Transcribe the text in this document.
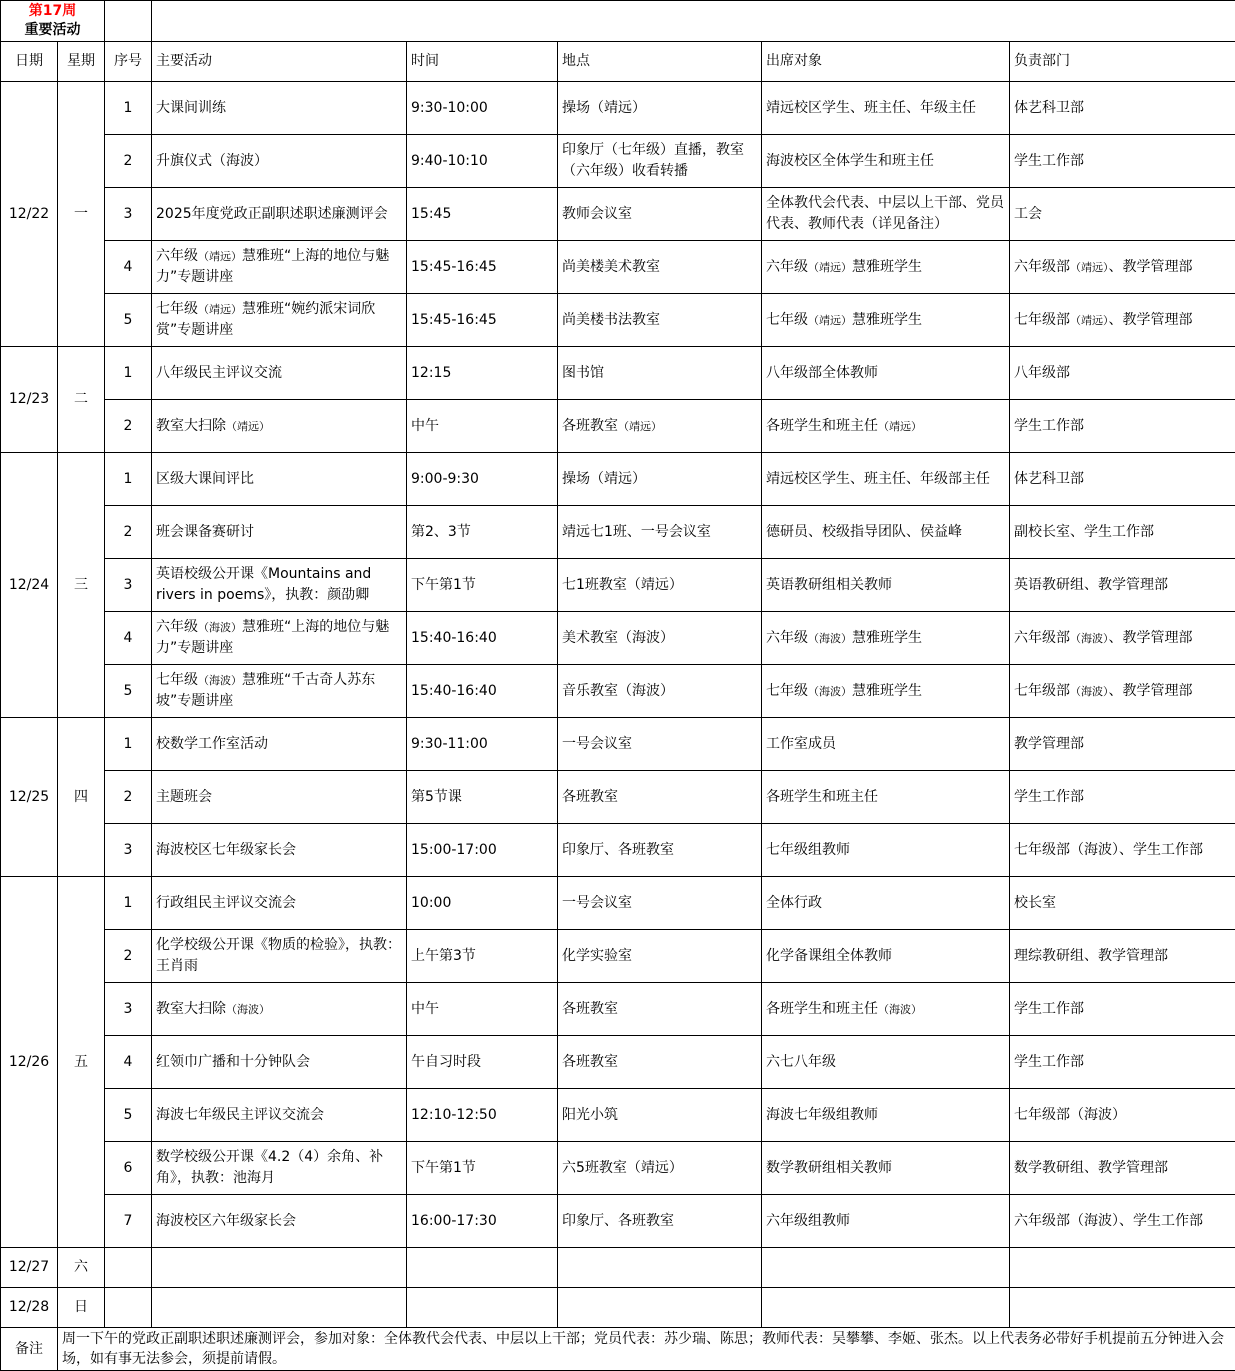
第17周
重要活动							

日期	星期	序号	主要活动	时间	地点	出席对象	负责部门
12/22	一	1	大课间训练	9:30-10:00	操场（靖远）	靖远校区学生、班主任、年级主任	体艺科卫部
		2	升旗仪式（海波）	9:40-10:10	印象厅（七年级）直播，教室（六年级）收看转播	海波校区全体学生和班主任	学生工作部
		3	2025年度党政正副职述职述廉测评会	15:45	教师会议室	全体教代会代表、中层以上干部、党员代表、教师代表（详见备注）	工会
		4	六年级（靖远）慧雅班“上海的地位与魅力”专题讲座	15:45-16:45	尚美楼美术教室	六年级（靖远）慧雅班学生	六年级部（靖远）、教学管理部
		5	七年级（靖远）慧雅班“婉约派宋词欣赏”专题讲座	15:45-16:45	尚美楼书法教室	七年级（靖远）慧雅班学生	七年级部（靖远）、教学管理部
12/23	二	1	八年级民主评议交流	12:15	图书馆	八年级部全体教师	八年级部
		2	教室大扫除（靖远）	中午	各班教室（靖远）	各班学生和班主任（靖远）	学生工作部
12/24	三	1	区级大课间评比	9:00-9:30	操场（靖远）	靖远校区学生、班主任、年级部主任	体艺科卫部
		2	班会课备赛研讨	第2、3节	靖远七1班、一号会议室	德研员、校级指导团队、侯益峰	副校长室、学生工作部
		3	英语校级公开课《Mountains and rivers in poems》，执教：颜劭卿	下午第1节	七1班教室（靖远）	英语教研组相关教师	英语教研组、教学管理部
		4	六年级（海波）慧雅班“上海的地位与魅力”专题讲座	15:40-16:40	美术教室（海波）	六年级（海波）慧雅班学生	六年级部（海波）、教学管理部
		5	七年级（海波）慧雅班“千古奇人苏东坡”专题讲座	15:40-16:40	音乐教室（海波）	七年级（海波）慧雅班学生	七年级部（海波）、教学管理部
12/25	四	1	校数学工作室活动	9:30-11:00	一号会议室	工作室成员	教学管理部
		2	主题班会	第5节课	各班教室	各班学生和班主任	学生工作部
		3	海波校区七年级家长会	15:00-17:00	印象厅、各班教室	七年级组教师	七年级部（海波）、学生工作部
12/26	五	1	行政组民主评议交流会	10:00	一号会议室	全体行政	校长室
		2	化学校级公开课《物质的检验》，执教：王肖雨	上午第3节	化学实验室	化学备课组全体教师	理综教研组、教学管理部
		3	教室大扫除（海波）	中午	各班教室	各班学生和班主任（海波）	学生工作部
		4	红领巾广播和十分钟队会	午自习时段	各班教室	六七八年级	学生工作部
		5	海波七年级民主评议交流会	12:10-12:50	阳光小筑	海波七年级组教师	七年级部（海波）
		6	数学校级公开课《4.2（4）余角、补角》，执教：池海月	下午第1节	六5班教室（靖远）	数学教研组相关教师	数学教研组、教学管理部
		7	海波校区六年级家长会	16:00-17:30	印象厅、各班教室	六年级组教师	六年级部（海波）、学生工作部
12/27	六						
12/28	日						
备注	周一下午的党政正副职述职述廉测评会，参加对象：全体教代会代表、中层以上干部；党员代表：苏少瑞、陈思；教师代表：吴攀攀、李姬、张杰。以上代表务必带好手机提前五分钟进入会场，如有事无法参会，须提前请假。						
